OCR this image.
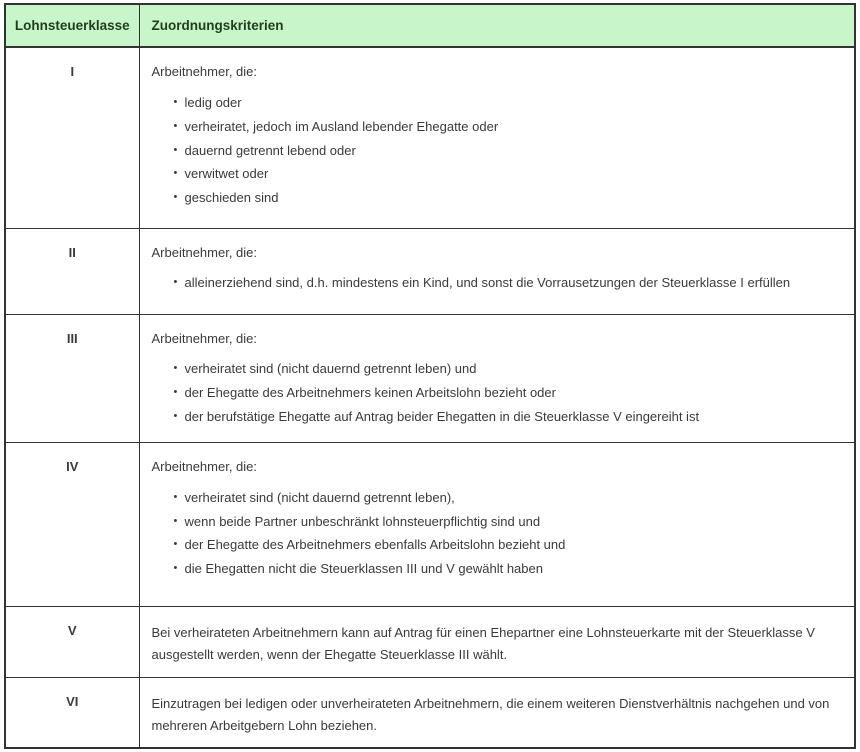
Lohnsteuerklasse	Zuordnungskriterien
I	Arbeitnehmer, die:

• ledig oder
• verheiratet, jedoch im Ausland lebender Ehegatte oder
• dauernd getrennt lebend oder
• verwitwet oder
• geschieden sind

II	Arbeitnehmer, die:

• alleinerziehend sind, d.h. mindestens ein Kind, und sonst die Vorrausetzungen der Steuerklasse I erfüllen

III	Arbeitnehmer, die:

• verheiratet sind (nicht dauernd getrennt leben) und
• der Ehegatte des Arbeitnehmers keinen Arbeitslohn bezieht oder
• der berufstätige Ehegatte auf Antrag beider Ehegatten in die Steuerklasse V eingereiht ist

IV	Arbeitnehmer, die:

• verheiratet sind (nicht dauernd getrennt leben),
• wenn beide Partner unbeschränkt lohnsteuerpflichtig sind und
• der Ehegatte des Arbeitnehmers ebenfalls Arbeitslohn bezieht und
• die Ehegatten nicht die Steuerklassen III und V gewählt haben

V	Bei verheirateten Arbeitnehmern kann auf Antrag für einen Ehepartner eine Lohnsteuerkarte mit der Steuerklasse V ausgestellt werden, wenn der Ehegatte Steuerklasse III wählt.

VI	Einzutragen bei ledigen oder unverheirateten Arbeitnehmern, die einem weiteren Dienstverhältnis nachgehen und von mehreren Arbeitgebern Lohn beziehen.
